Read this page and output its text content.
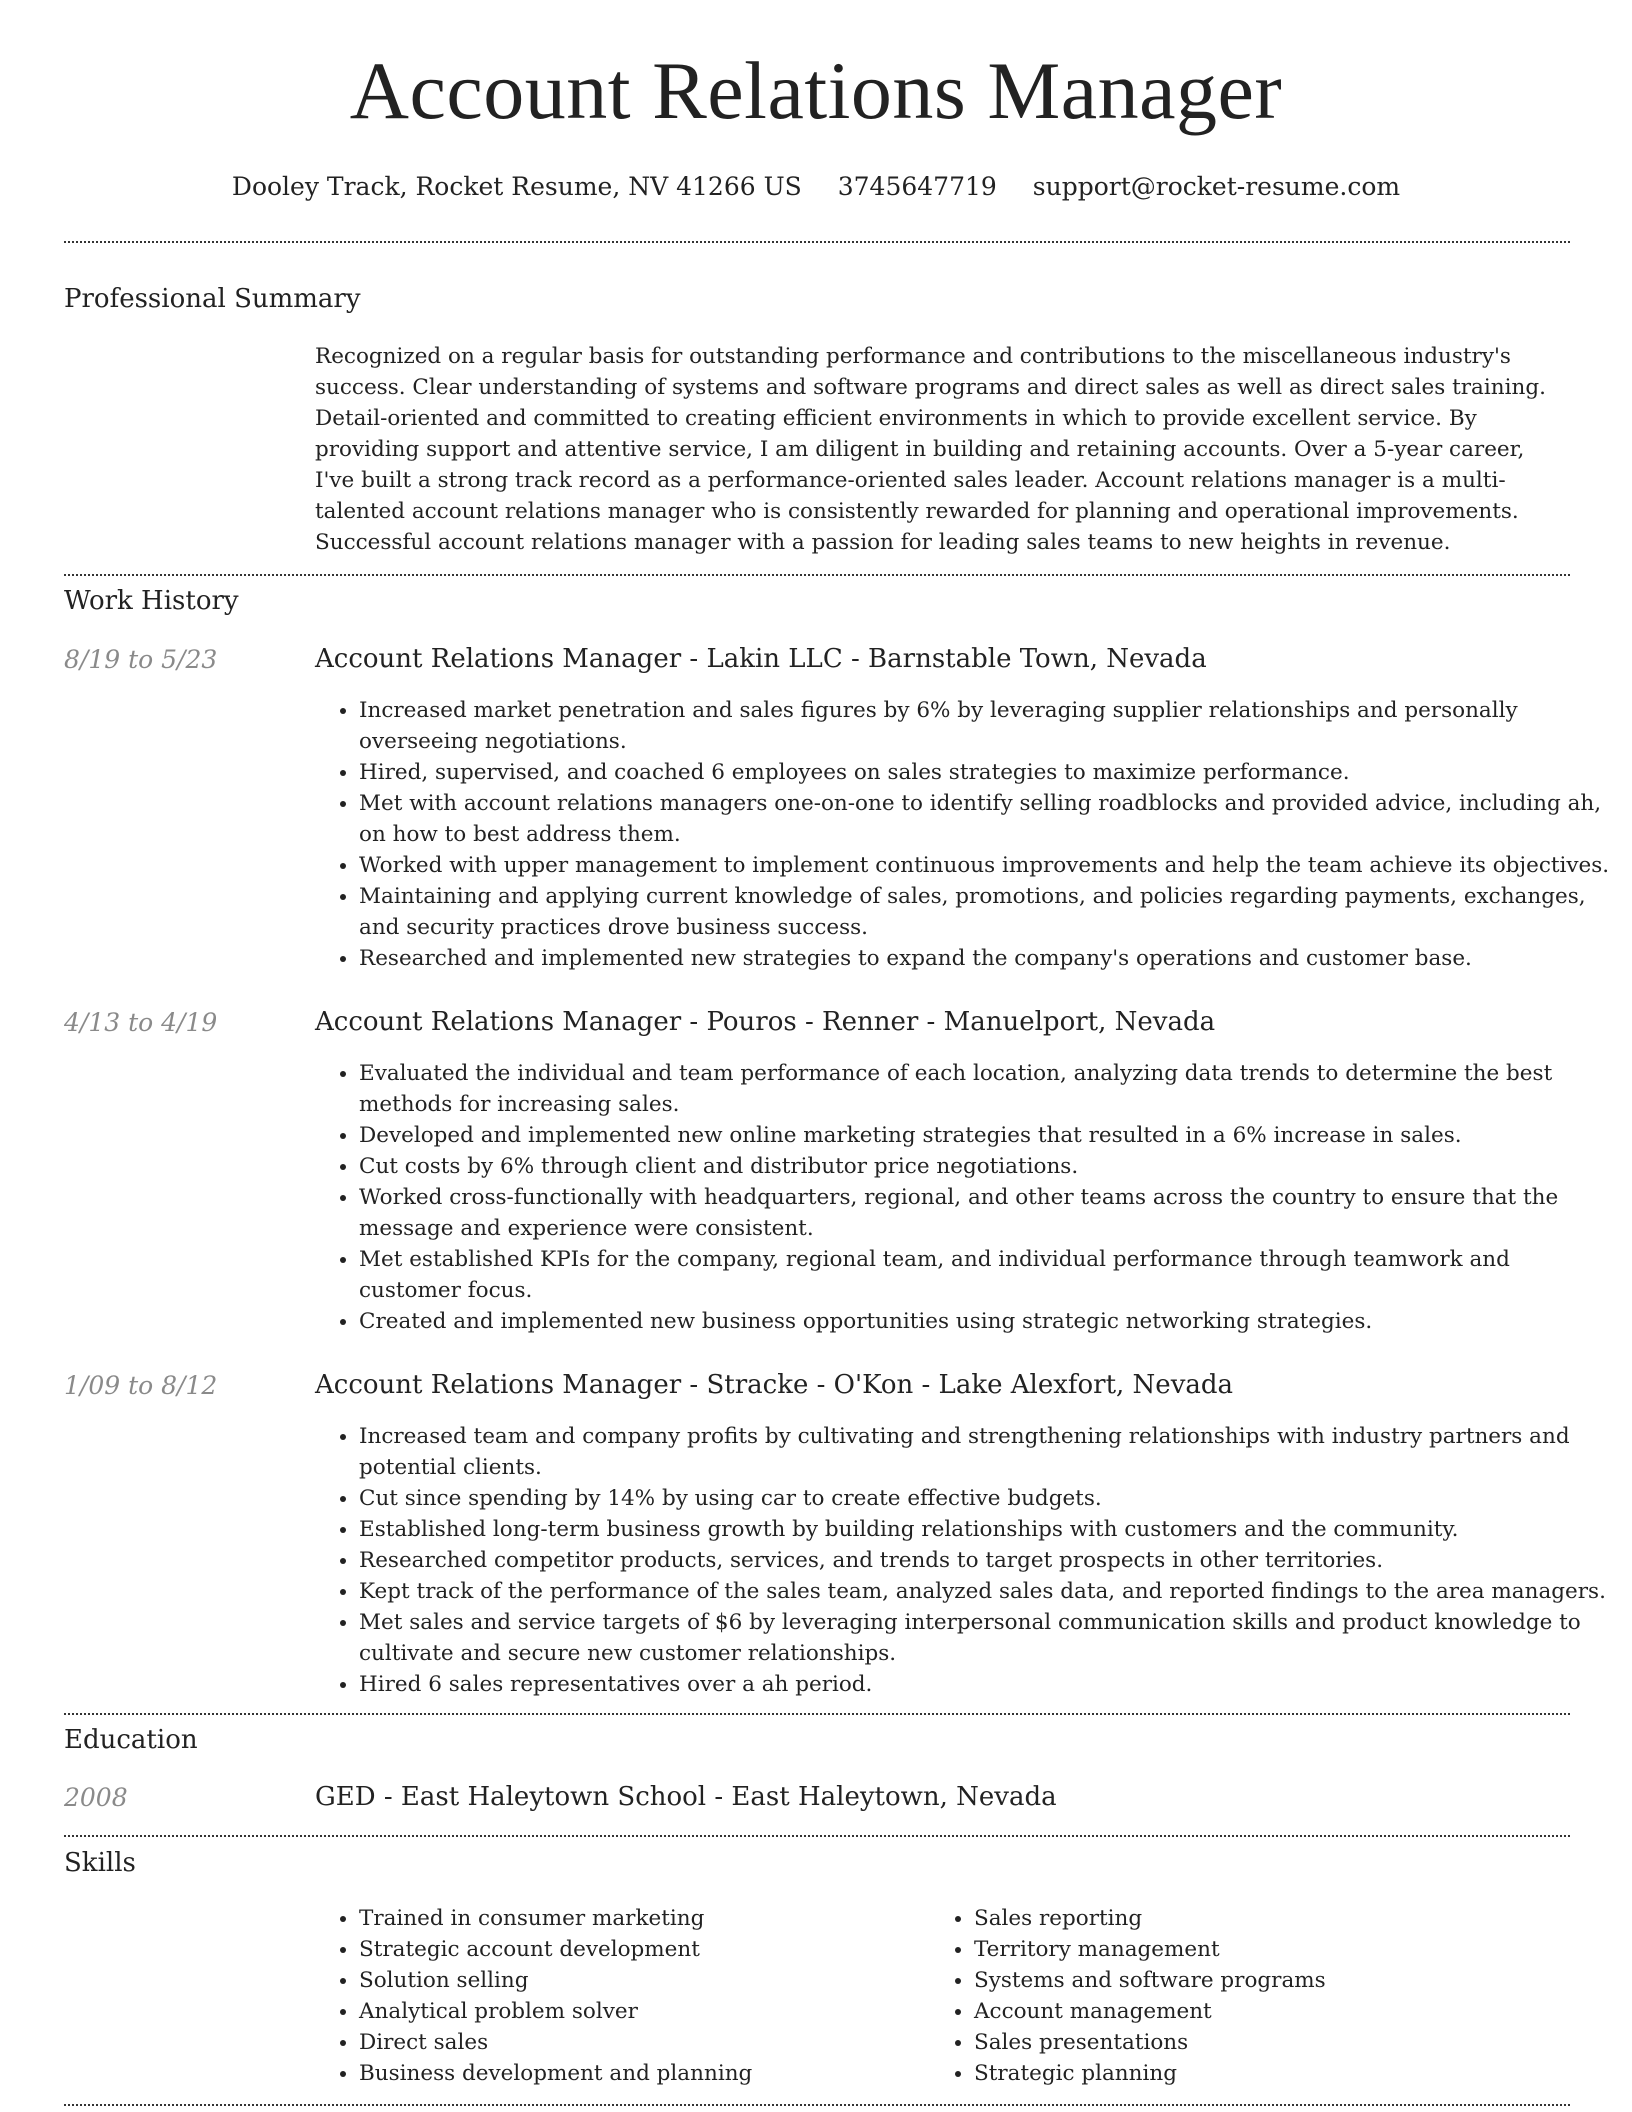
Account Relations Manager
Dooley Track, Rocket Resume, NV 41266 US 3745647719 support@rocket-resume.com
Professional Summary
Recognized on a regular basis for outstanding performance and contributions to the miscellaneous industry's success. Clear understanding of systems and software programs and direct sales as well as direct sales training. Detail-oriented and committed to creating efficient environments in which to provide excellent service. By providing support and attentive service, I am diligent in building and retaining accounts. Over a 5-year career, I've built a strong track record as a performance-oriented sales leader. Account relations manager is a multi-talented account relations manager who is consistently rewarded for planning and operational improvements. Successful account relations manager with a passion for leading sales teams to new heights in revenue.
Work History
8/19 to 5/23	Account Relations Manager - Lakin LLC - Barnstable Town, Nevada
• Increased market penetration and sales figures by 6% by leveraging supplier relationships and personally overseeing negotiations.
• Hired, supervised, and coached 6 employees on sales strategies to maximize performance.
• Met with account relations managers one-on-one to identify selling roadblocks and provided advice, including ah, on how to best address them.
• Worked with upper management to implement continuous improvements and help the team achieve its objectives.
• Maintaining and applying current knowledge of sales, promotions, and policies regarding payments, exchanges, and security practices drove business success.
• Researched and implemented new strategies to expand the company's operations and customer base.
4/13 to 4/19	Account Relations Manager - Pouros - Renner - Manuelport, Nevada
• Evaluated the individual and team performance of each location, analyzing data trends to determine the best methods for increasing sales.
• Developed and implemented new online marketing strategies that resulted in a 6% increase in sales.
• Cut costs by 6% through client and distributor price negotiations.
• Worked cross-functionally with headquarters, regional, and other teams across the country to ensure that the message and experience were consistent.
• Met established KPIs for the company, regional team, and individual performance through teamwork and customer focus.
• Created and implemented new business opportunities using strategic networking strategies.
1/09 to 8/12	Account Relations Manager - Stracke - O'Kon - Lake Alexfort, Nevada
• Increased team and company profits by cultivating and strengthening relationships with industry partners and potential clients.
• Cut since spending by 14% by using car to create effective budgets.
• Established long-term business growth by building relationships with customers and the community.
• Researched competitor products, services, and trends to target prospects in other territories.
• Kept track of the performance of the sales team, analyzed sales data, and reported findings to the area managers.
• Met sales and service targets of $6 by leveraging interpersonal communication skills and product knowledge to cultivate and secure new customer relationships.
• Hired 6 sales representatives over a ah period.
Education
2008	GED - East Haleytown School - East Haleytown, Nevada
Skills
• Trained in consumer marketing
• Strategic account development
• Solution selling
• Analytical problem solver
• Direct sales
• Business development and planning
• Sales reporting
• Territory management
• Systems and software programs
• Account management
• Sales presentations
• Strategic planning
